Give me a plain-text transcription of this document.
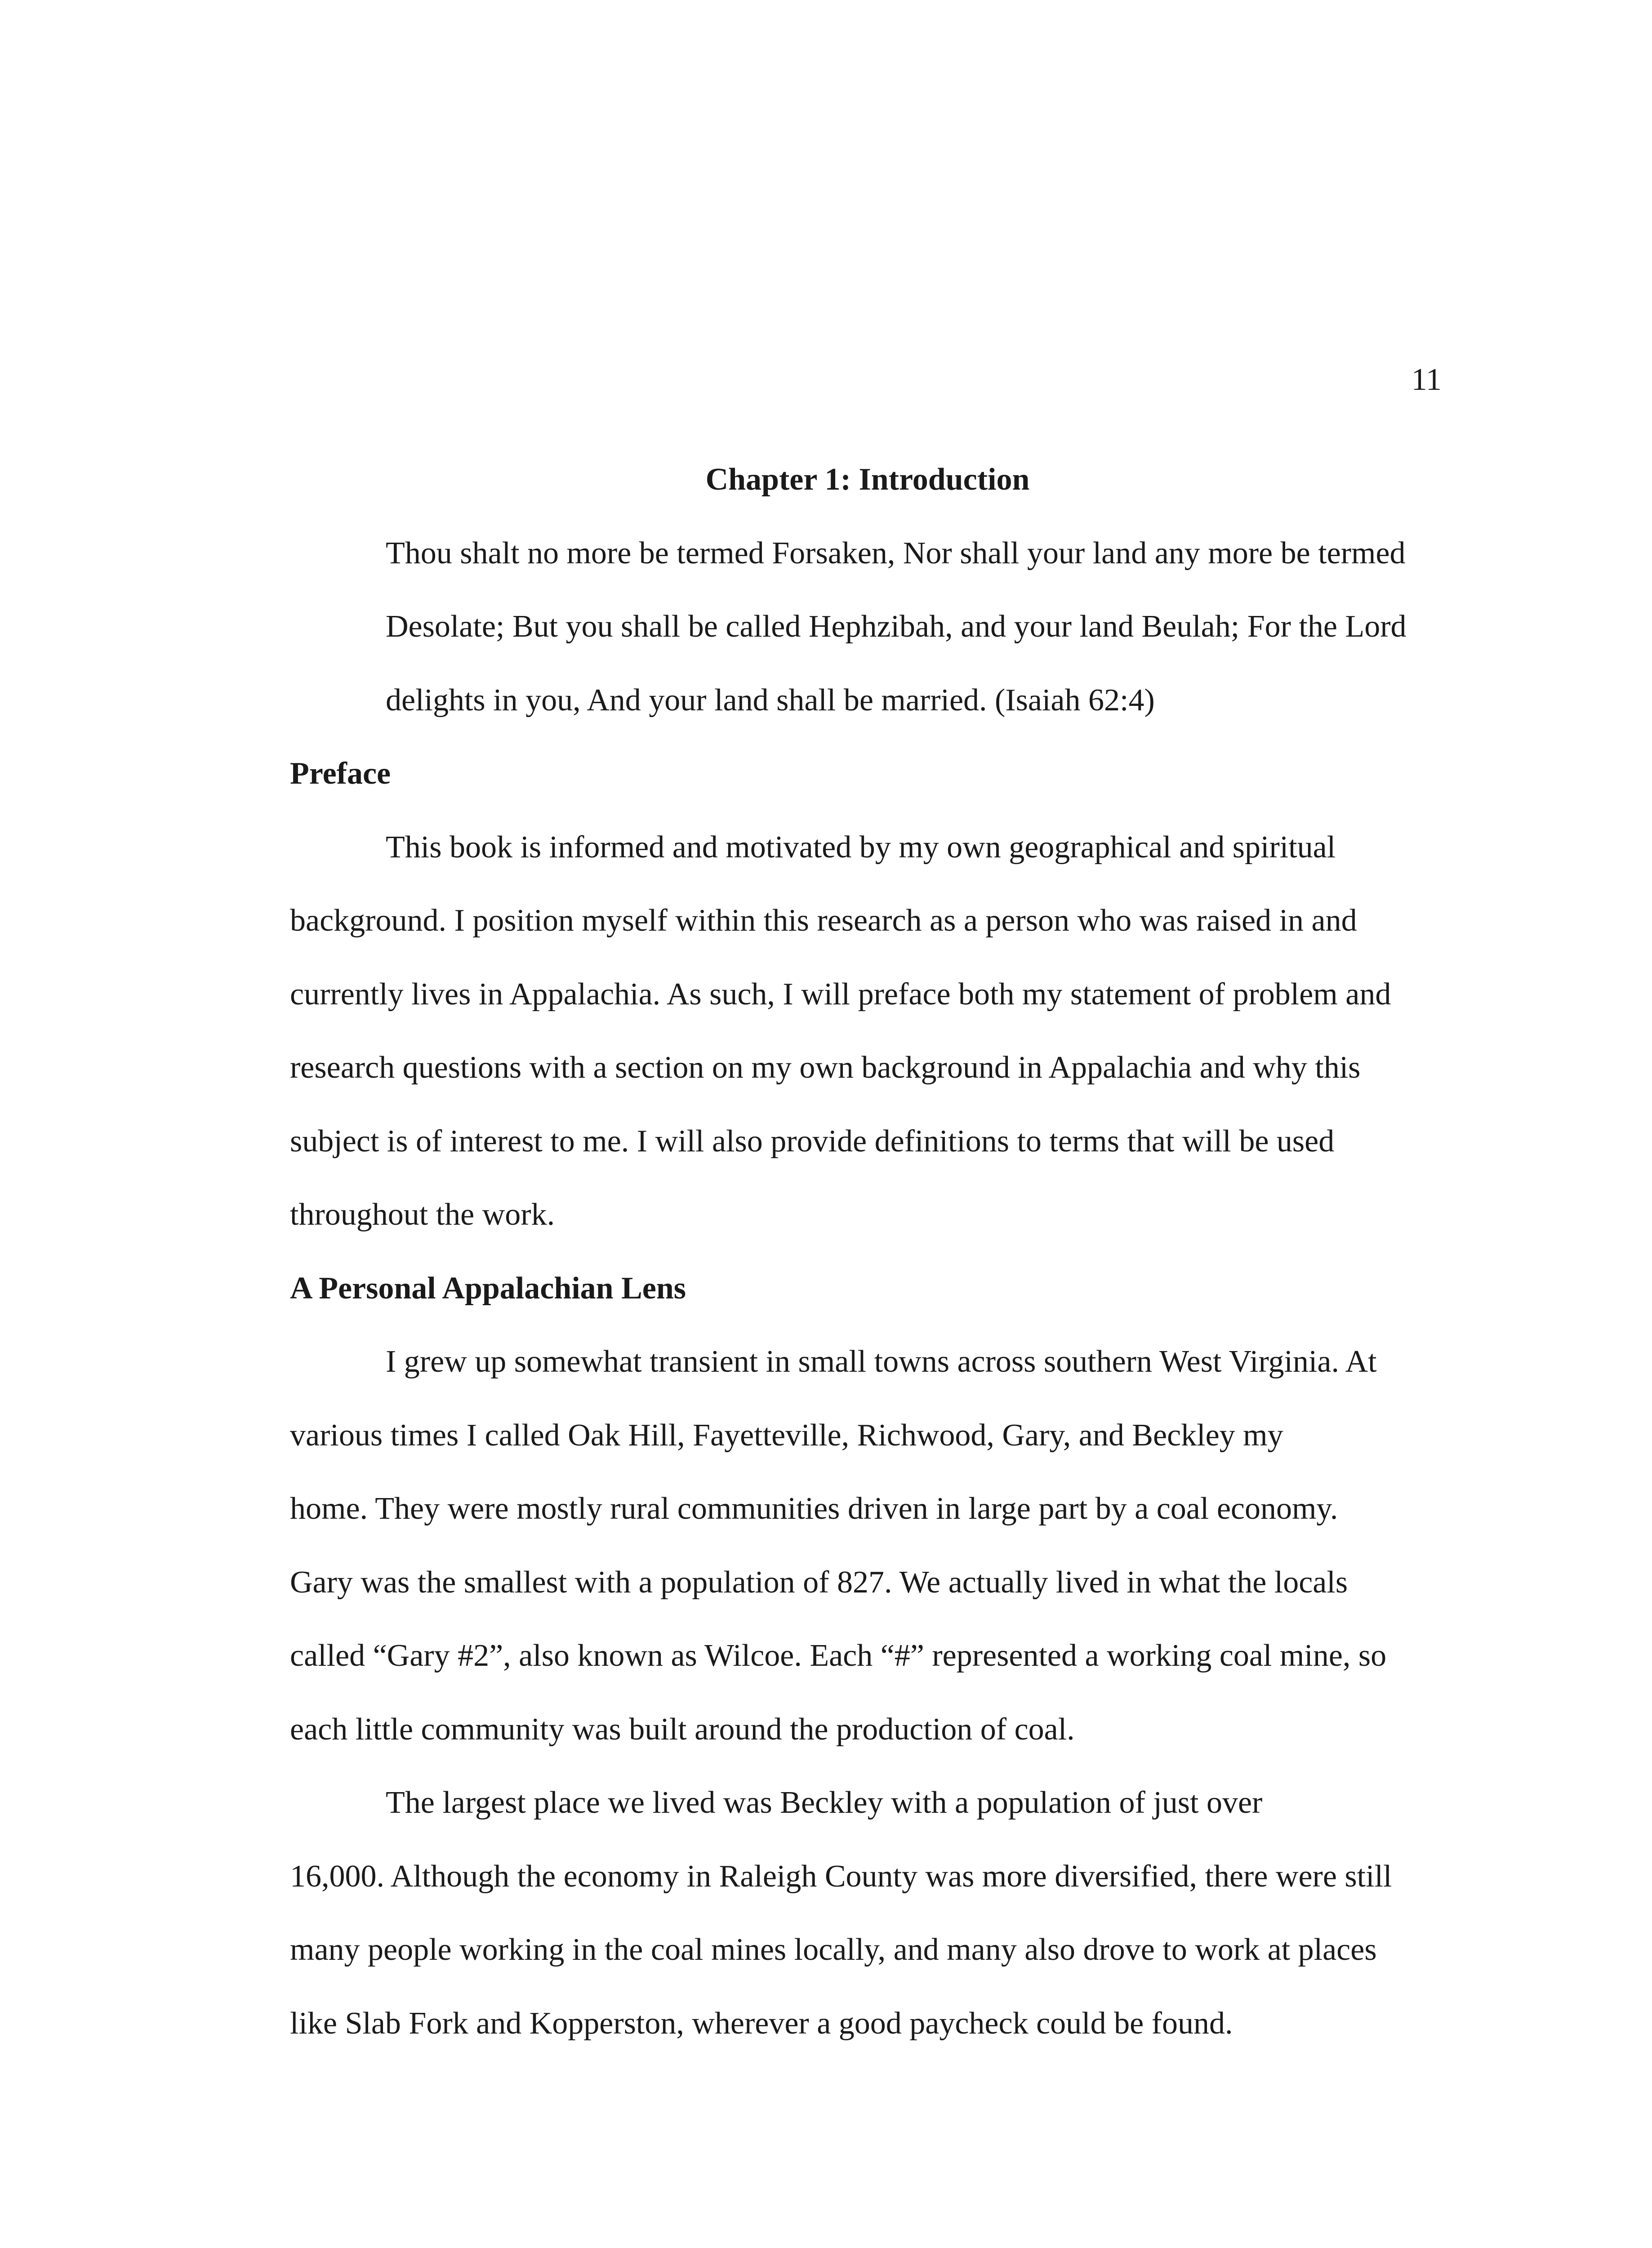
11
Chapter 1: Introduction
Thou shalt no more be termed Forsaken, Nor shall your land any more be termed
Desolate; But you shall be called Hephzibah, and your land Beulah; For the Lord
delights in you, And your land shall be married. (Isaiah 62:4)
Preface
This book is informed and motivated by my own geographical and spiritual
background. I position myself within this research as a person who was raised in and
currently lives in Appalachia. As such, I will preface both my statement of problem and
research questions with a section on my own background in Appalachia and why this
subject is of interest to me. I will also provide definitions to terms that will be used
throughout the work.
A Personal Appalachian Lens
I grew up somewhat transient in small towns across southern West Virginia. At
various times I called Oak Hill, Fayetteville, Richwood, Gary, and Beckley my
home. They were mostly rural communities driven in large part by a coal economy.
Gary was the smallest with a population of 827. We actually lived in what the locals
called “Gary #2”, also known as Wilcoe. Each “#” represented a working coal mine, so
each little community was built around the production of coal.
The largest place we lived was Beckley with a population of just over
16,000. Although the economy in Raleigh County was more diversified, there were still
many people working in the coal mines locally, and many also drove to work at places
like Slab Fork and Kopperston, wherever a good paycheck could be found.
